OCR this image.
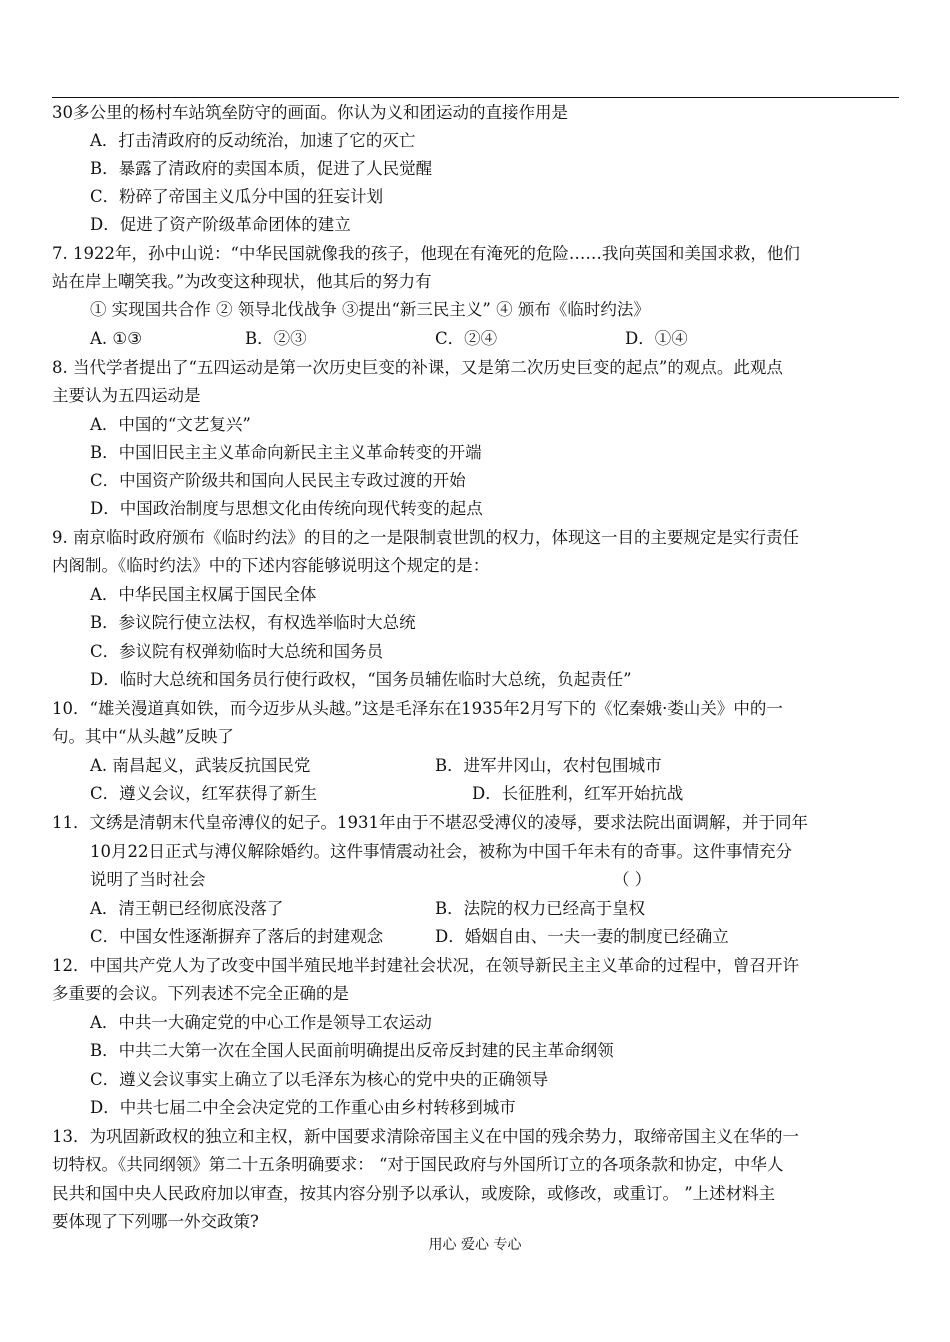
30多公里的杨村车站筑垒防守的画面。你认为义和团运动的直接作用是
A．打击清政府的反动统治，加速了它的灭亡
B．暴露了清政府的卖国本质，促进了人民觉醒
C．粉碎了帝国主义瓜分中国的狂妄计划
D．促进了资产阶级革命团体的建立
7. 1922年，孙中山说：“中华民国就像我的孩子，他现在有淹死的危险……我向英国和美国求救，他们
站在岸上嘲笑我。”为改变这种现状，他其后的努力有
① 实现国共合作 ② 领导北伐战争 ③提出“新三民主义” ④ 颁布《临时约法》
A. ①③	B．②③	C．②④	D．①④
8. 当代学者提出了“五四运动是第一次历史巨变的补课，又是第二次历史巨变的起点”的观点。此观点
主要认为五四运动是
A．中国的“文艺复兴”
B．中国旧民主主义革命向新民主主义革命转变的开端
C．中国资产阶级共和国向人民民主专政过渡的开始
D．中国政治制度与思想文化由传统向现代转变的起点
9. 南京临时政府颁布《临时约法》的目的之一是限制袁世凯的权力，体现这一目的主要规定是实行责任
内阁制。《临时约法》中的下述内容能够说明这个规定的是：
A．中华民国主权属于国民全体
B．参议院行使立法权，有权选举临时大总统
C．参议院有权弹劾临时大总统和国务员
D．临时大总统和国务员行使行政权，“国务员辅佐临时大总统，负起责任”
10．“雄关漫道真如铁，而今迈步从头越。”这是毛泽东在1935年2月写下的《忆秦娥·娄山关》中的一
句。其中“从头越”反映了
A. 南昌起义，武装反抗国民党	B．进军井冈山，农村包围城市
C．遵义会议，红军获得了新生	D．长征胜利，红军开始抗战
11．文绣是清朝末代皇帝溥仪的妃子。1931年由于不堪忍受溥仪的凌辱，要求法院出面调解，并于同年
10月22日正式与溥仪解除婚约。这件事情震动社会，被称为中国千年未有的奇事。这件事情充分
说明了当时社会	（ ）
A．清王朝已经彻底没落了	B．法院的权力已经高于皇权
C．中国女性逐渐摒弃了落后的封建观念	D．婚姻自由、一夫一妻的制度已经确立
12．中国共产党人为了改变中国半殖民地半封建社会状况，在领导新民主主义革命的过程中，曾召开许
多重要的会议。下列表述不完全正确的是
A．中共一大确定党的中心工作是领导工农运动
B．中共二大第一次在全国人民面前明确提出反帝反封建的民主革命纲领
C．遵义会议事实上确立了以毛泽东为核心的党中央的正确领导
D．中共七届二中全会决定党的工作重心由乡村转移到城市
13．为巩固新政权的独立和主权，新中国要求清除帝国主义在中国的残余势力，取缔帝国主义在华的一
切特权。《共同纲领》第二十五条明确要求： “对于国民政府与外国所订立的各项条款和协定，中华人
民共和国中央人民政府加以审查，按其内容分别予以承认，或废除，或修改，或重订。 ”上述材料主
要体现了下列哪一外交政策?
用心 爱心 专心
